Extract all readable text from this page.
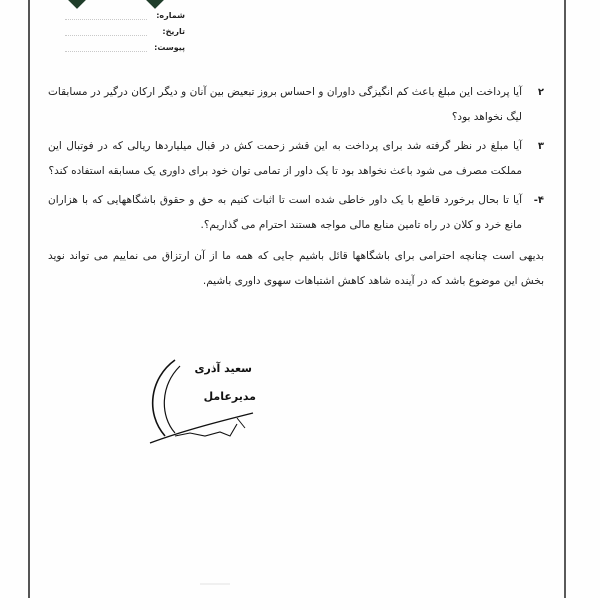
شماره:
تاریخ:
پیوست:
۲
آیا پرداخت این مبلغ باعث کم انگیزگی داوران و احساس بروز تبعیض بین آنان و دیگر ارکان درگیر در مسابقات لیگ نخواهد بود؟
۳
آیا مبلغ در نظر گرفته شد برای پرداخت به این قشر زحمت کش در قبال میلیاردها ریالی که در فوتبال این مملکت مصرف می شود باعث نخواهد بود تا یک داور از تمامی توان خود برای داوری یک مسابقه استفاده کند؟
۴-
آیا تا بحال برخورد قاطع با یک داور خاطی شده است تا اثبات کنیم به حق و حقوق باشگاههایی که با هزاران مانع خرد و کلان در راه تامین منابع مالی مواجه هستند احترام می گذاریم؟.
بدیهی است چنانچه احترامی برای باشگاهها قائل باشیم جایی که همه ما از آن ارتزاق می نماییم می تواند نوید بخش این موضوع باشد که در آینده شاهد کاهش اشتباهات سهوی داوری باشیم.
سعید آذری
مدیرعامل
